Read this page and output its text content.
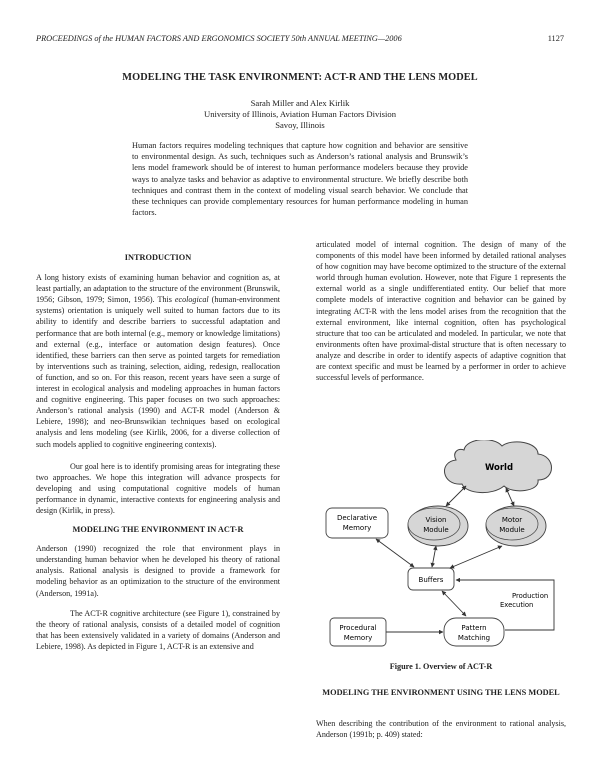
PROCEEDINGS of the HUMAN FACTORS AND ERGONOMICS SOCIETY 50th ANNUAL MEETING—2006	1127
MODELING THE TASK ENVIRONMENT: ACT-R AND THE LENS MODEL
Sarah Miller and Alex Kirlik
University of Illinois, Aviation Human Factors Division
Savoy, Illinois
Human factors requires modeling techniques that capture how cognition and behavior are sensitive to environmental design. As such, techniques such as Anderson’s rational analysis and Brunswik’s lens model framework should be of interest to human performance modelers because they provide ways to analyze tasks and behavior as adaptive to environmental structure. We briefly describe both techniques and contrast them in the context of modeling visual search behavior. We conclude that these techniques can provide complementary resources for human performance modeling in human factors.

INTRODUCTION

A long history exists of examining human behavior and cognition as, at least partially, an adaptation to the structure of the environment (Brunswik, 1956; Gibson, 1979; Simon, 1956). This ecological (human-environment systems) orientation is uniquely well suited to human factors due to its ability to identify and describe barriers to successful adaptation and performance that are both internal (e.g., memory or knowledge limitations) and external (e.g., interface or automation design features). Once identified, these barriers can then serve as pointed targets for remediation by interventions such as training, selection, aiding, redesign, reallocation of function, and so on. For this reason, recent years have seen a surge of interest in ecological analysis and modeling approaches in human factors and cognitive engineering. This paper focuses on two such approaches: Anderson’s rational analysis (1990) and ACT-R model (Anderson & Lebiere, 1998); and neo-Brunswikian techniques based on ecological analysis and lens modeling (see Kirlik, 2006, for a diverse collection of such models applied to cognitive engineering contexts).

Our goal here is to identify promising areas for integrating these two approaches. We hope this integration will advance prospects for developing and using computational cognitive models of human performance in dynamic, interactive contexts for engineering analysis and design (Kirlik, in press).

MODELING THE ENVIRONMENT IN ACT-R

Anderson (1990) recognized the role that environment plays in understanding human behavior when he developed his theory of rational analysis. Rational analysis is designed to provide a framework for modeling behavior as an optimization to the structure of the environment (Anderson, 1991a).

The ACT-R cognitive architecture (see Figure 1), constrained by the theory of rational analysis, consists of a detailed model of cognition that has been extensively validated in a variety of domains (Anderson and Lebiere, 1998). As depicted in Figure 1, ACT-R is an extensive and

articulated model of internal cognition. The design of many of the components of this model have been informed by detailed rational analyses of how cognition may have become optimized to the structure of the external world through human evolution. However, note that Figure 1 represents the external world as a single undifferentiated entity. Our belief that more complete models of interactive cognition and behavior can be gained by integrating ACT-R with the lens model arises from the recognition that the external environment, like internal cognition, often has psychological structure that too can be articulated and modeled. In particular, we note that environments often have proximal-distal structure that is often necessary to analyze and describe in order to identify aspects of adaptive cognition that are context specific and must be learned by a performer in order to achieve successful levels of performance.

World
Declarative
Memory
Vision
Module
Motor
Module
Buffers
Production
Execution
Procedural
Memory
Pattern
Matching
Figure 1. Overview of ACT-R

MODELING THE ENVIRONMENT USING THE LENS MODEL

When describing the contribution of the environment to rational analysis, Anderson (1991b; p. 409) stated:
